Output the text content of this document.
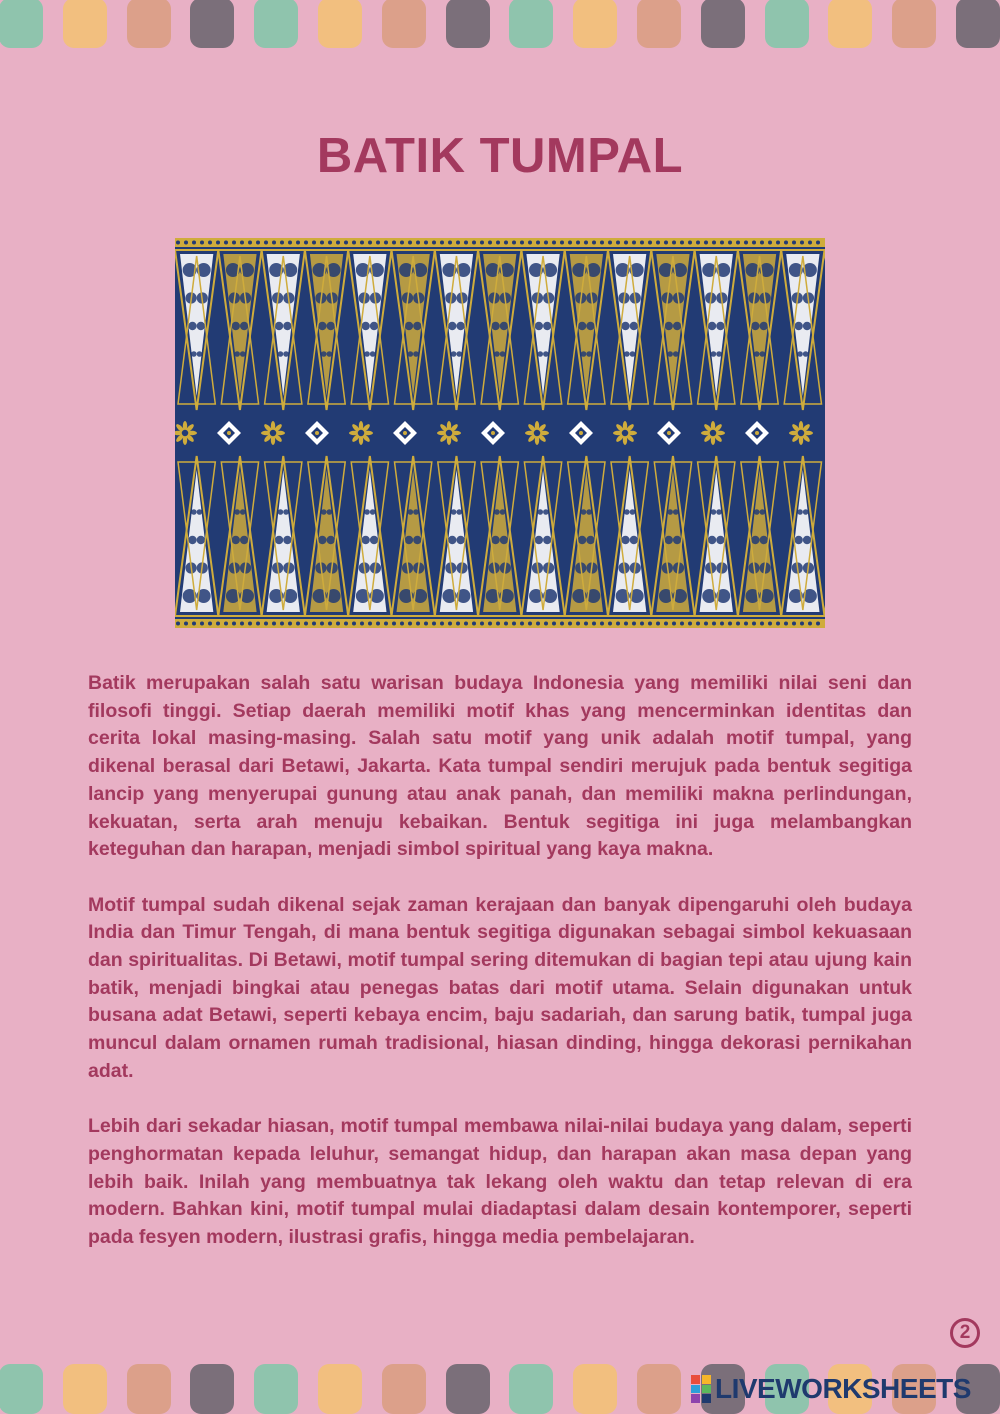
BATIK TUMPAL

Batik merupakan salah satu warisan budaya Indonesia yang memiliki nilai seni dan filosofi tinggi. Setiap daerah memiliki motif khas yang mencerminkan identitas dan cerita lokal masing-masing. Salah satu motif yang unik adalah motif tumpal, yang dikenal berasal dari Betawi, Jakarta. Kata tumpal sendiri merujuk pada bentuk segitiga lancip yang menyerupai gunung atau anak panah, dan memiliki makna perlindungan, kekuatan, serta arah menuju kebaikan. Bentuk segitiga ini juga melambangkan keteguhan dan harapan, menjadi simbol spiritual yang kaya makna.

Motif tumpal sudah dikenal sejak zaman kerajaan dan banyak dipengaruhi oleh budaya India dan Timur Tengah, di mana bentuk segitiga digunakan sebagai simbol kekuasaan dan spiritualitas. Di Betawi, motif tumpal sering ditemukan di bagian tepi atau ujung kain batik, menjadi bingkai atau penegas batas dari motif utama. Selain digunakan untuk busana adat Betawi, seperti kebaya encim, baju sadariah, dan sarung batik, tumpal juga muncul dalam ornamen rumah tradisional, hiasan dinding, hingga dekorasi pernikahan adat.

Lebih dari sekadar hiasan, motif tumpal membawa nilai-nilai budaya yang dalam, seperti penghormatan kepada leluhur, semangat hidup, dan harapan akan masa depan yang lebih baik. Inilah yang membuatnya tak lekang oleh waktu dan tetap relevan di era modern. Bahkan kini, motif tumpal mulai diadaptasi dalam desain kontemporer, seperti pada fesyen modern, ilustrasi grafis, hingga media pembelajaran.

2
LIVEWORKSHEETS
